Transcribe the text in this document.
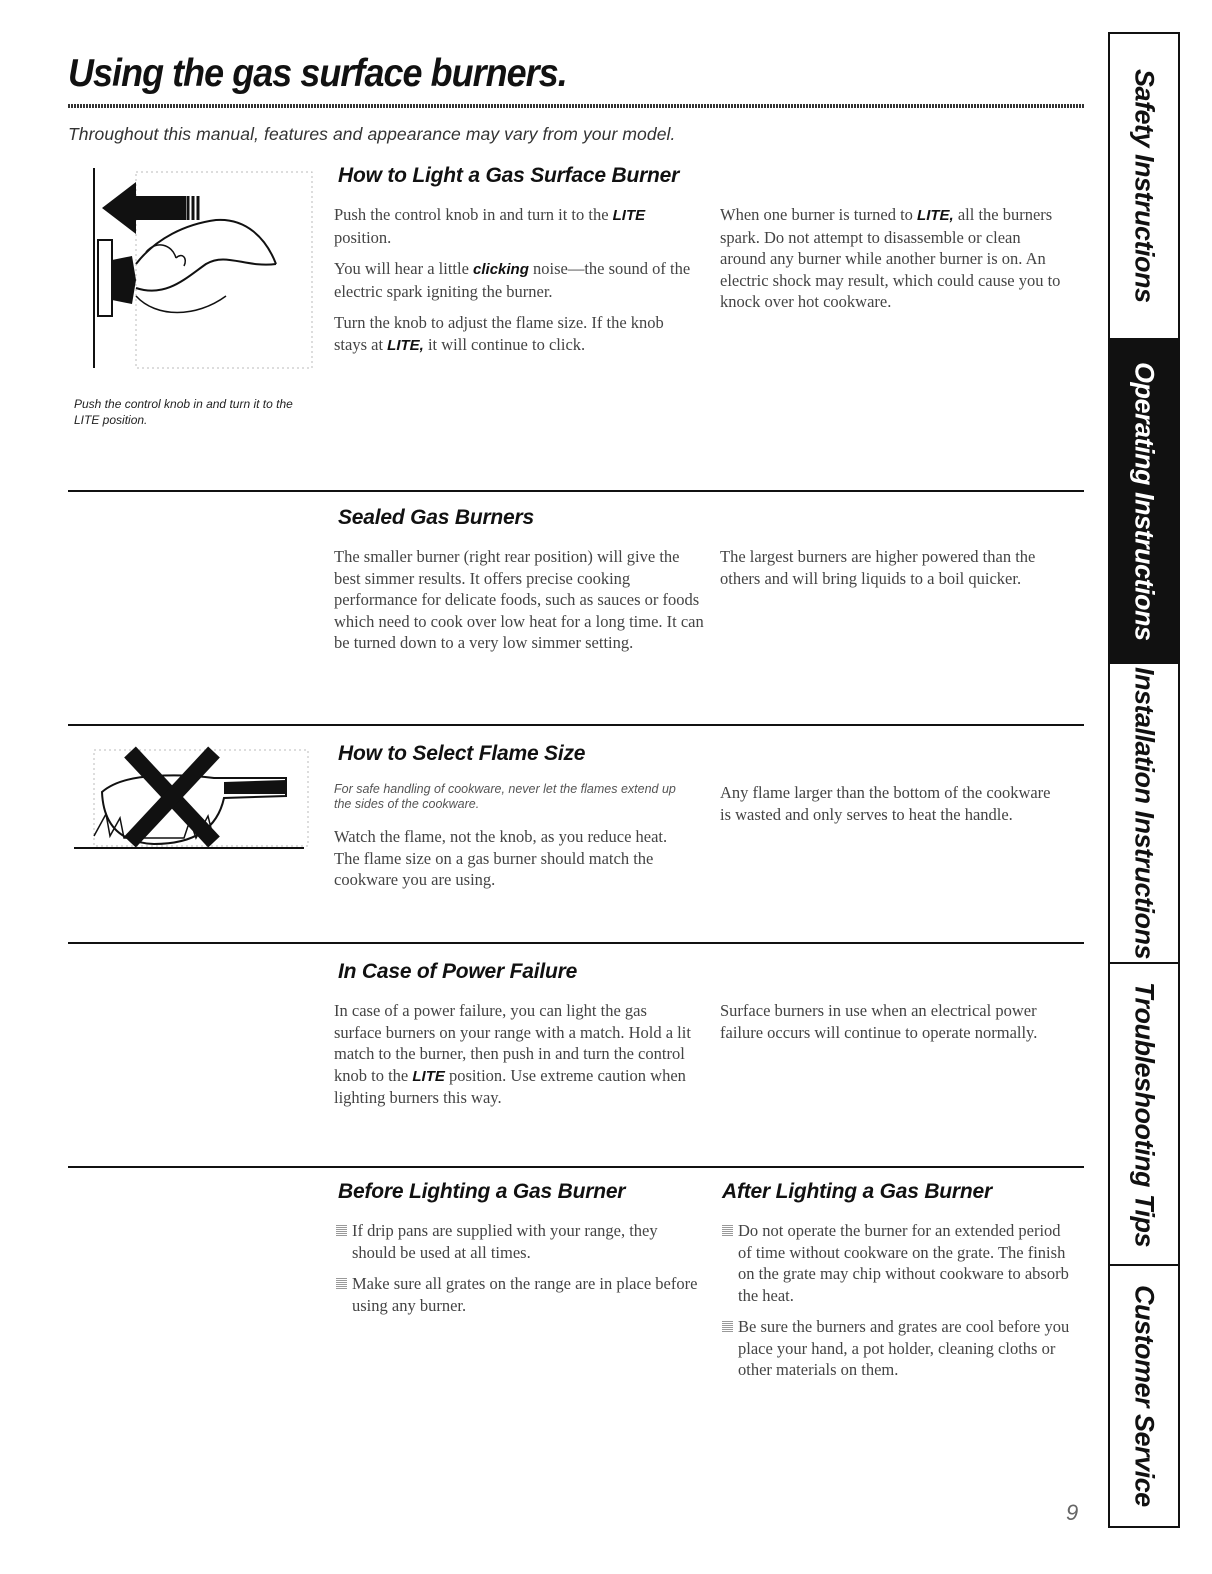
Using the gas surface burners.

Throughout this manual, features and appearance may vary from your model.

Push the control knob in and turn it to the LITE position.
How to Light a Gas Surface Burner

Push the control knob in and turn it to the LITE position.

You will hear a little clicking noise—the sound of the electric spark igniting the burner.

Turn the knob to adjust the flame size. If the knob stays at LITE, it will continue to click.

When one burner is turned to LITE, all the burners spark. Do not attempt to disassemble or clean around any burner while another burner is on. An electric shock may result, which could cause you to knock over hot cookware.

Sealed Gas Burners

The smaller burner (right rear position) will give the best simmer results. It offers precise cooking performance for delicate foods, such as sauces or foods which need to cook over low heat for a long time. It can be turned down to a very low simmer setting.

The largest burners are higher powered than the others and will bring liquids to a boil quicker.

How to Select Flame Size

For safe handling of cookware, never let the flames extend up the sides of the cookware.

Watch the flame, not the knob, as you reduce heat. The flame size on a gas burner should match the cookware you are using.

Any flame larger than the bottom of the cookware is wasted and only serves to heat the handle.

In Case of Power Failure

In case of a power failure, you can light the gas surface burners on your range with a match. Hold a lit match to the burner, then push in and turn the control knob to the LITE position. Use extreme caution when lighting burners this way.

Surface burners in use when an electrical power failure occurs will continue to operate normally.

Before Lighting a Gas Burner
If drip pans are supplied with your range, they should be used at all times.
Make sure all grates on the range are in place before using any burner.
After Lighting a Gas Burner
Do not operate the burner for an extended period of time without cookware on the grate. The finish on the grate may chip without cookware to absorb the heat.
Be sure the burners and grates are cool before you place your hand, a pot holder, cleaning cloths or other materials on them.
Safety Instructions
Operating Instructions
Installation Instructions
Troubleshooting Tips
Customer Service
9
